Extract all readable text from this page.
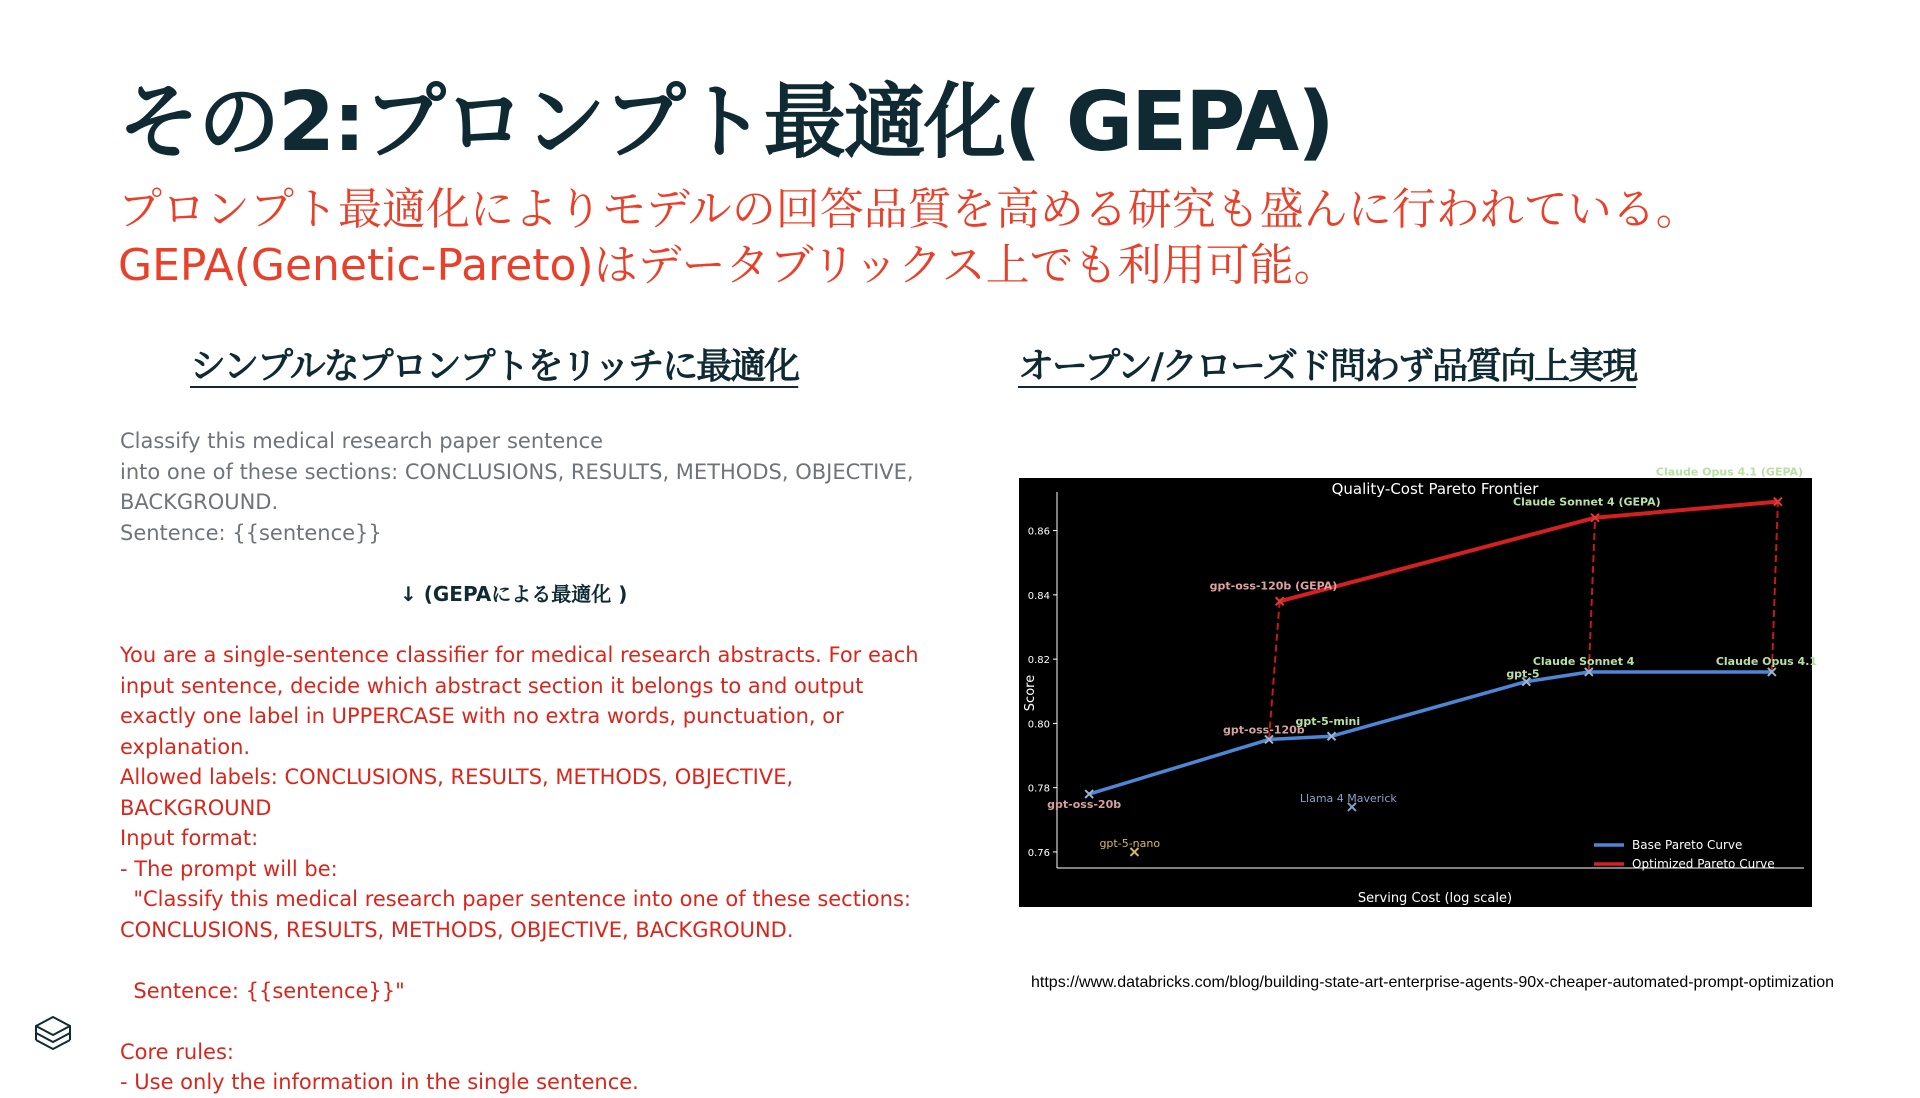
その2:プロンプト最適化( GEPA)
プロンプト最適化によりモデルの回答品質を高める研究も盛んに行われている。
GEPA(Genetic-Pareto)はデータブリックス上でも利用可能。
シンプルなプロンプトをリッチに最適化	オープン/クローズド問わず品質向上実現
Classify this medical research paper sentence
into one of these sections: CONCLUSIONS, RESULTS, METHODS, OBJECTIVE,
BACKGROUND.
Sentence: {{sentence}}
↓ (GEPAによる最適化 )
You are a single-sentence classifier for medical research abstracts. For each
input sentence, decide which abstract section it belongs to and output
exactly one label in UPPERCASE with no extra words, punctuation, or
explanation.
Allowed labels: CONCLUSIONS, RESULTS, METHODS, OBJECTIVE,
BACKGROUND
Input format:
- The prompt will be:
"Classify this medical research paper sentence into one of these sections:
CONCLUSIONS, RESULTS, METHODS, OBJECTIVE, BACKGROUND.

Sentence: {{sentence}}"

Core rules:
- Use only the information in the single sentence.
Quality-Cost Pareto Frontier
Serving Cost (log scale)
Score
0.76
0.78
0.80
0.82
0.84
0.86
gpt-oss-20b
gpt-oss-120b
gpt-5-mini
gpt-5
Claude Sonnet 4	Claude Opus 4.1
gpt-oss-120b (GEPA)
Claude Sonnet 4 (GEPA)
Claude Opus 4.1 (GEPA)
Llama 4 Maverick
gpt-5-nano	Base Pareto Curve
Optimized Pareto Curve
https://www.databricks.com/blog/building-state-art-enterprise-agents-90x-cheaper-automated-prompt-optimization
